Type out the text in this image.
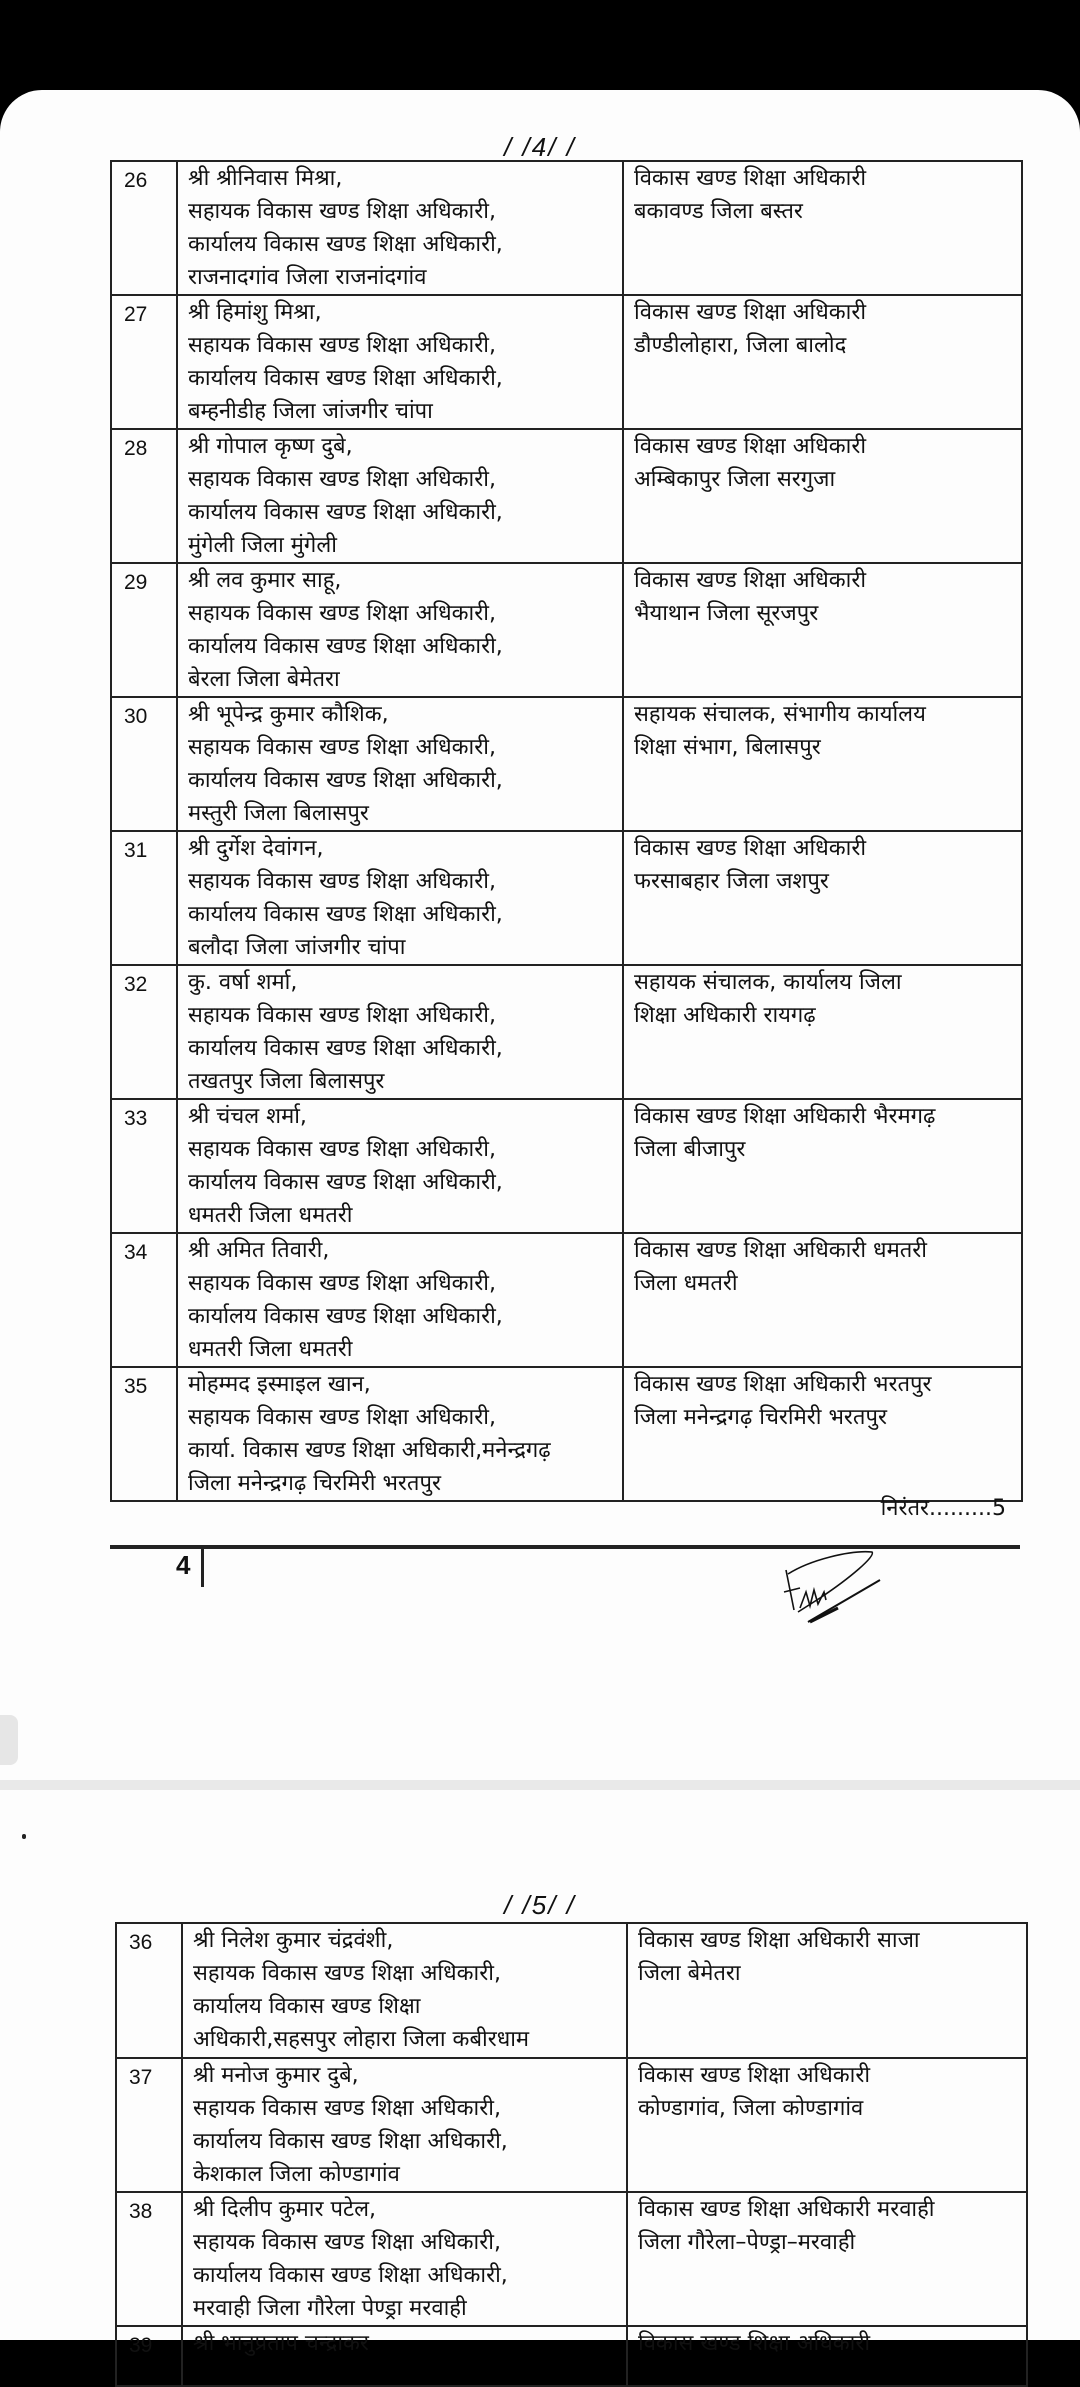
/ /4/ /
26	श्री श्रीनिवास मिश्रा,
सहायक विकास खण्ड शिक्षा अधिकारी,
कार्यालय विकास खण्ड शिक्षा अधिकारी,
राजनादगांव जिला राजनांदगांव	विकास खण्ड शिक्षा अधिकारी
बकावण्ड जिला बस्तर

27	श्री हिमांशु मिश्रा,
सहायक विकास खण्ड शिक्षा अधिकारी,
कार्यालय विकास खण्ड शिक्षा अधिकारी,
बम्हनीडीह जिला जांजगीर चांपा	विकास खण्ड शिक्षा अधिकारी
डौण्डीलोहारा, जिला बालोद

28	श्री गोपाल कृष्ण दुबे,
सहायक विकास खण्ड शिक्षा अधिकारी,
कार्यालय विकास खण्ड शिक्षा अधिकारी,
मुंगेली जिला मुंगेली	विकास खण्ड शिक्षा अधिकारी
अम्बिकापुर जिला सरगुजा

29	श्री लव कुमार साहू,
सहायक विकास खण्ड शिक्षा अधिकारी,
कार्यालय विकास खण्ड शिक्षा अधिकारी,
बेरला जिला बेमेतरा	विकास खण्ड शिक्षा अधिकारी
भैयाथान जिला सूरजपुर

30	श्री भूपेन्द्र कुमार कौशिक,
सहायक विकास खण्ड शिक्षा अधिकारी,
कार्यालय विकास खण्ड शिक्षा अधिकारी,
मस्तुरी जिला बिलासपुर	सहायक संचालक, संभागीय कार्यालय
शिक्षा संभाग, बिलासपुर

31	श्री दुर्गेश देवांगन,
सहायक विकास खण्ड शिक्षा अधिकारी,
कार्यालय विकास खण्ड शिक्षा अधिकारी,
बलौदा जिला जांजगीर चांपा	विकास खण्ड शिक्षा अधिकारी
फरसाबहार जिला जशपुर

32	कु. वर्षा शर्मा,
सहायक विकास खण्ड शिक्षा अधिकारी,
कार्यालय विकास खण्ड शिक्षा अधिकारी,
तखतपुर जिला बिलासपुर	सहायक संचालक, कार्यालय जिला
शिक्षा अधिकारी रायगढ़

33	श्री चंचल शर्मा,
सहायक विकास खण्ड शिक्षा अधिकारी,
कार्यालय विकास खण्ड शिक्षा अधिकारी,
धमतरी जिला धमतरी	विकास खण्ड शिक्षा अधिकारी भैरमगढ़
जिला बीजापुर

34	श्री अमित तिवारी,
सहायक विकास खण्ड शिक्षा अधिकारी,
कार्यालय विकास खण्ड शिक्षा अधिकारी,
धमतरी जिला धमतरी	विकास खण्ड शिक्षा अधिकारी धमतरी
जिला धमतरी

35	मोहम्मद इस्माइल खान,
सहायक विकास खण्ड शिक्षा अधिकारी,
कार्या. विकास खण्ड शिक्षा अधिकारी,मनेन्द्रगढ़
जिला मनेन्द्रगढ़ चिरमिरी भरतपुर	विकास खण्ड शिक्षा अधिकारी भरतपुर
जिला मनेन्द्रगढ़ चिरमिरी भरतपुर
निरंतर.........5
4
/ /5/ /
36	श्री निलेश कुमार चंद्रवंशी,
सहायक विकास खण्ड शिक्षा अधिकारी,
कार्यालय विकास खण्ड शिक्षा
अधिकारी,सहसपुर लोहारा जिला कबीरधाम	विकास खण्ड शिक्षा अधिकारी साजा
जिला बेमेतरा

37	श्री मनोज कुमार दुबे,
सहायक विकास खण्ड शिक्षा अधिकारी,
कार्यालय विकास खण्ड शिक्षा अधिकारी,
केशकाल जिला कोण्डागांव	विकास खण्ड शिक्षा अधिकारी
कोण्डागांव, जिला कोण्डागांव

38	श्री दिलीप कुमार पटेल,
सहायक विकास खण्ड शिक्षा अधिकारी,
कार्यालय विकास खण्ड शिक्षा अधिकारी,
मरवाही जिला गौरेला पेण्ड्रा मरवाही	विकास खण्ड शिक्षा अधिकारी मरवाही
जिला गौरेला–पेण्ड्रा–मरवाही

39	श्री भानुप्रताप चन्द्राकर	विकास खण्ड शिक्षा अधिकारी
